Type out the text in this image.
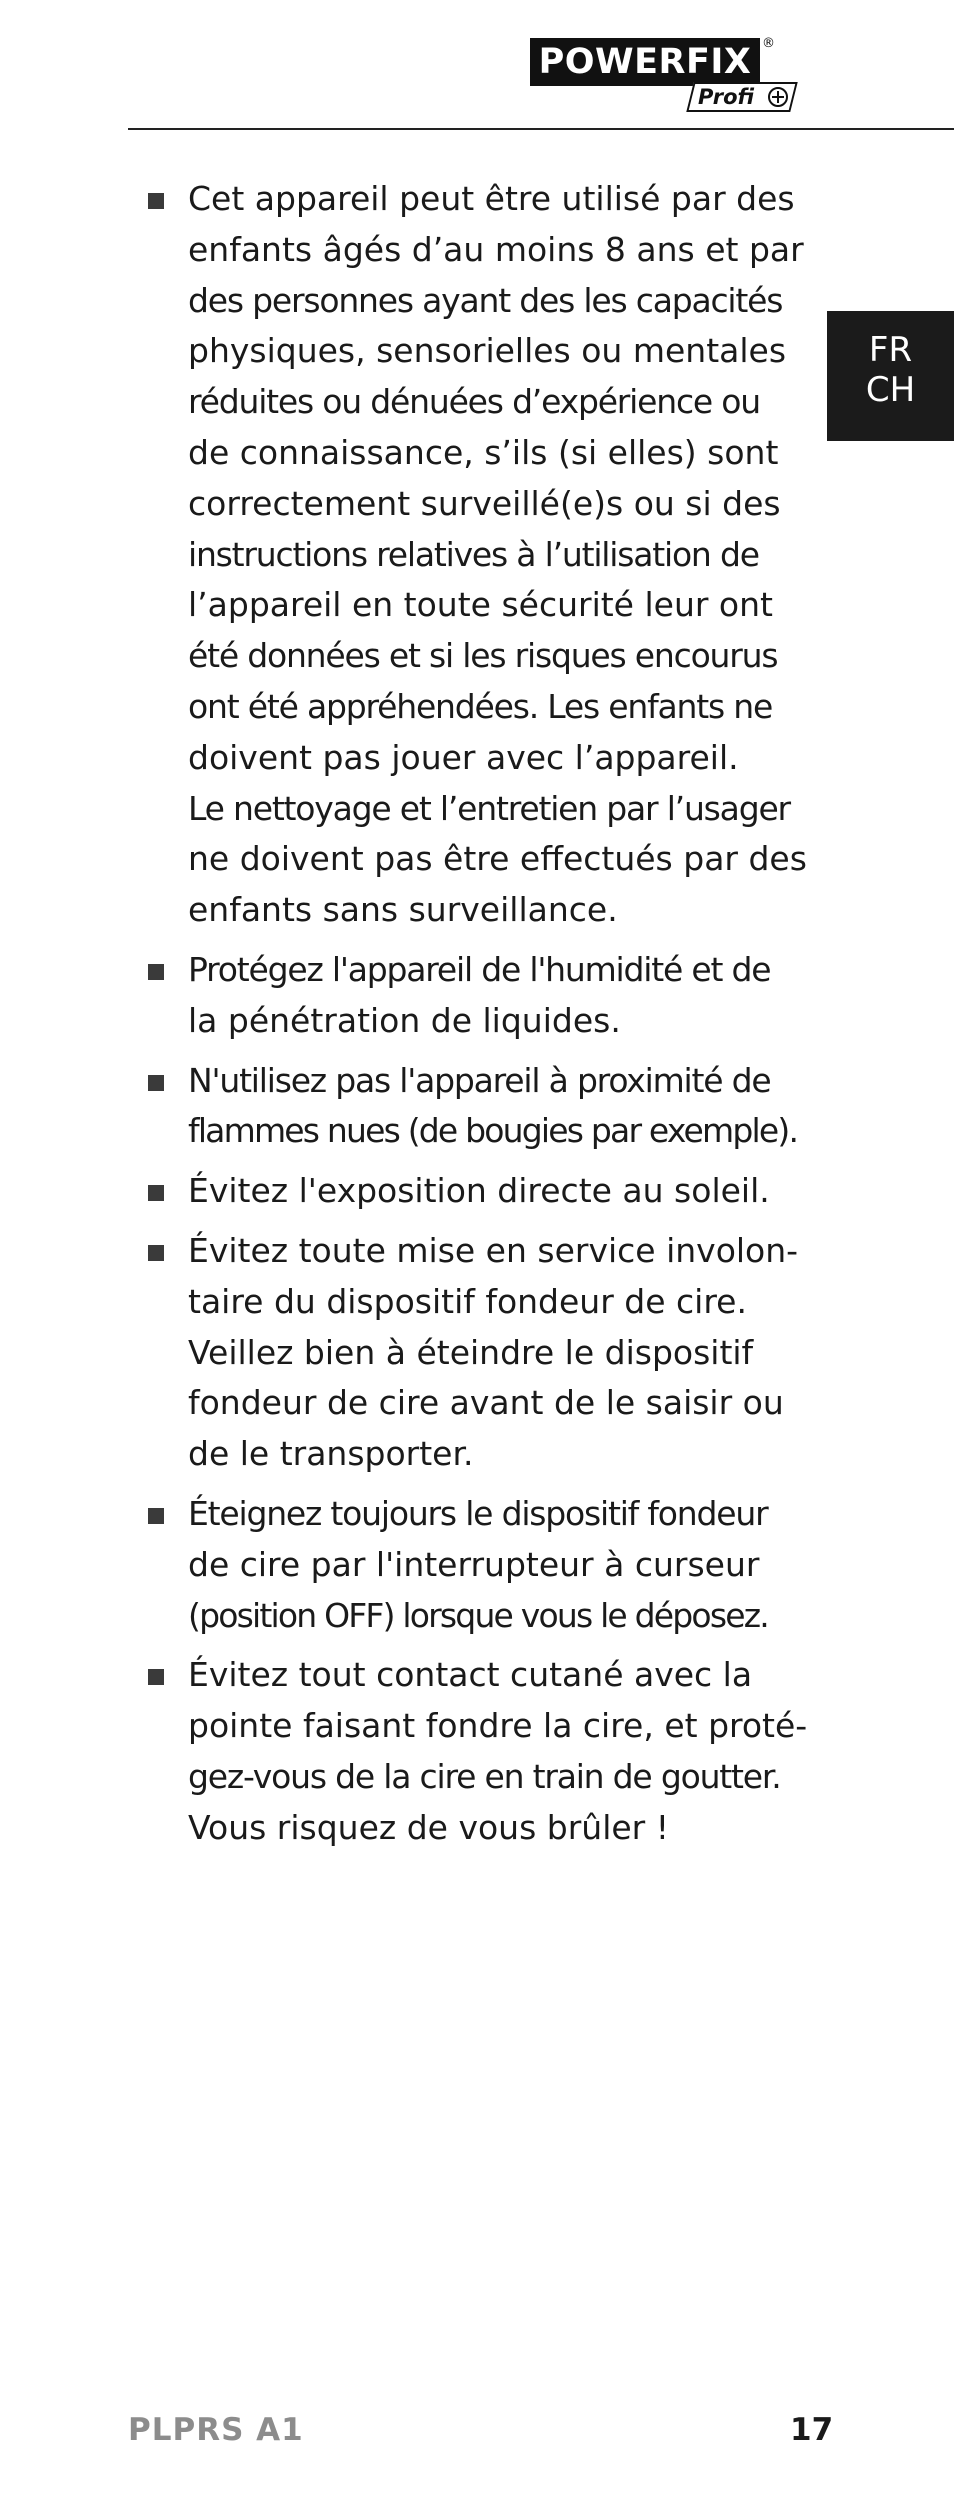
POWERFIX ®
Profi
FR
CH
Cet appareil peut être utilisé par des
enfants âgés d’au moins 8 ans et par
des personnes ayant des les capacités
physiques, sensorielles ou mentales
réduites ou dénuées d’expérience ou
de connaissance, s’ils (si elles) sont
correctement surveillé(e)s ou si des
instructions relatives à l’utilisation de
l’appareil en toute sécurité leur ont
été données et si les risques encourus
ont été appréhendées. Les enfants ne
doivent pas jouer avec l’appareil.
Le nettoyage et l’entretien par l’usager
ne doivent pas être effectués par des
enfants sans surveillance.
Protégez l'appareil de l'humidité et de
la pénétration de liquides.
N'utilisez pas l'appareil à proximité de
flammes nues (de bougies par exemple).
Évitez l'exposition directe au soleil.
Évitez toute mise en service involon-
taire du dispositif fondeur de cire.
Veillez bien à éteindre le dispositif
fondeur de cire avant de le saisir ou
de le transporter.
Éteignez toujours le dispositif fondeur
de cire par l'interrupteur à curseur
(position OFF) lorsque vous le déposez.
Évitez tout contact cutané avec la
pointe faisant fondre la cire, et proté-
gez-vous de la cire en train de goutter.
Vous risquez de vous brûler !
PLPRS A1	17
